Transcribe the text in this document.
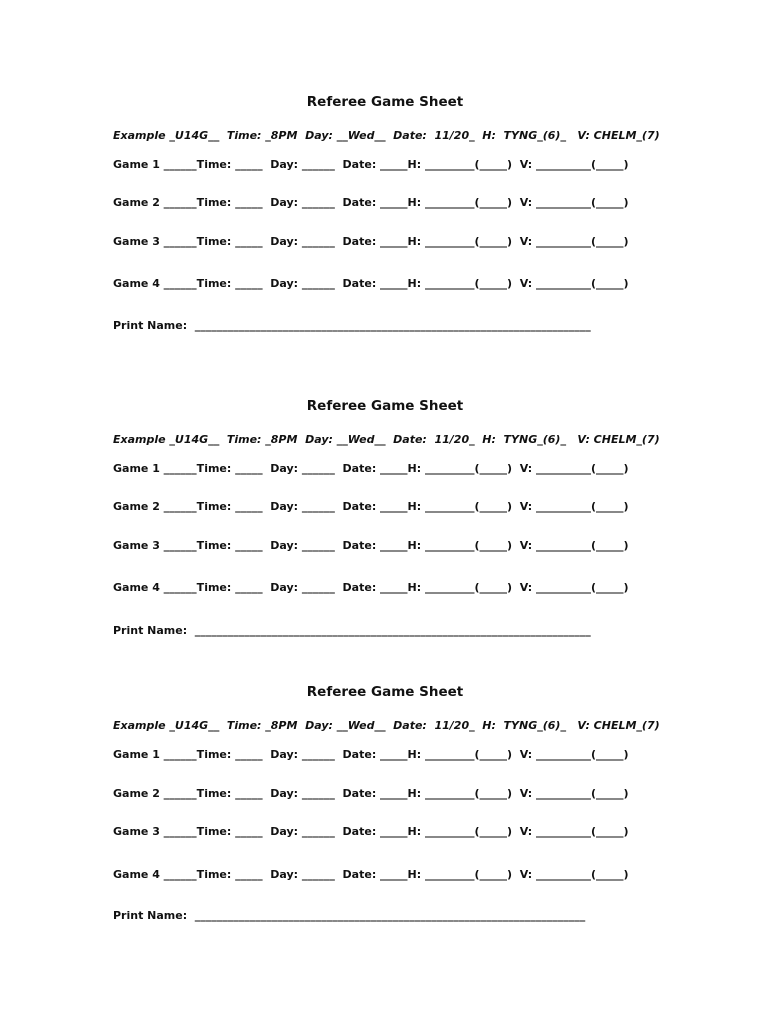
Referee Game Sheet
Example _U14G__  Time: _8PM  Day: __Wed__  Date:  11/20_  H:  TYNG_(6)_   V: CHELM_(7)
Game 1 ______Time: _____  Day: ______  Date: _____H: _________(_____)  V: __________(_____)
Game 2 ______Time: _____  Day: ______  Date: _____H: _________(_____)  V: __________(_____)
Game 3 ______Time: _____  Day: ______  Date: _____H: _________(_____)  V: __________(_____)
Game 4 ______Time: _____  Day: ______  Date: _____H: _________(_____)  V: __________(_____)
Print Name:  ________________________________________________________________________
Referee Game Sheet
Example _U14G__  Time: _8PM  Day: __Wed__  Date:  11/20_  H:  TYNG_(6)_   V: CHELM_(7)
Game 1 ______Time: _____  Day: ______  Date: _____H: _________(_____)  V: __________(_____)
Game 2 ______Time: _____  Day: ______  Date: _____H: _________(_____)  V: __________(_____)
Game 3 ______Time: _____  Day: ______  Date: _____H: _________(_____)  V: __________(_____)
Game 4 ______Time: _____  Day: ______  Date: _____H: _________(_____)  V: __________(_____)
Print Name:  ________________________________________________________________________
Referee Game Sheet
Example _U14G__  Time: _8PM  Day: __Wed__  Date:  11/20_  H:  TYNG_(6)_   V: CHELM_(7)
Game 1 ______Time: _____  Day: ______  Date: _____H: _________(_____)  V: __________(_____)
Game 2 ______Time: _____  Day: ______  Date: _____H: _________(_____)  V: __________(_____)
Game 3 ______Time: _____  Day: ______  Date: _____H: _________(_____)  V: __________(_____)
Game 4 ______Time: _____  Day: ______  Date: _____H: _________(_____)  V: __________(_____)
Print Name:  _______________________________________________________________________
